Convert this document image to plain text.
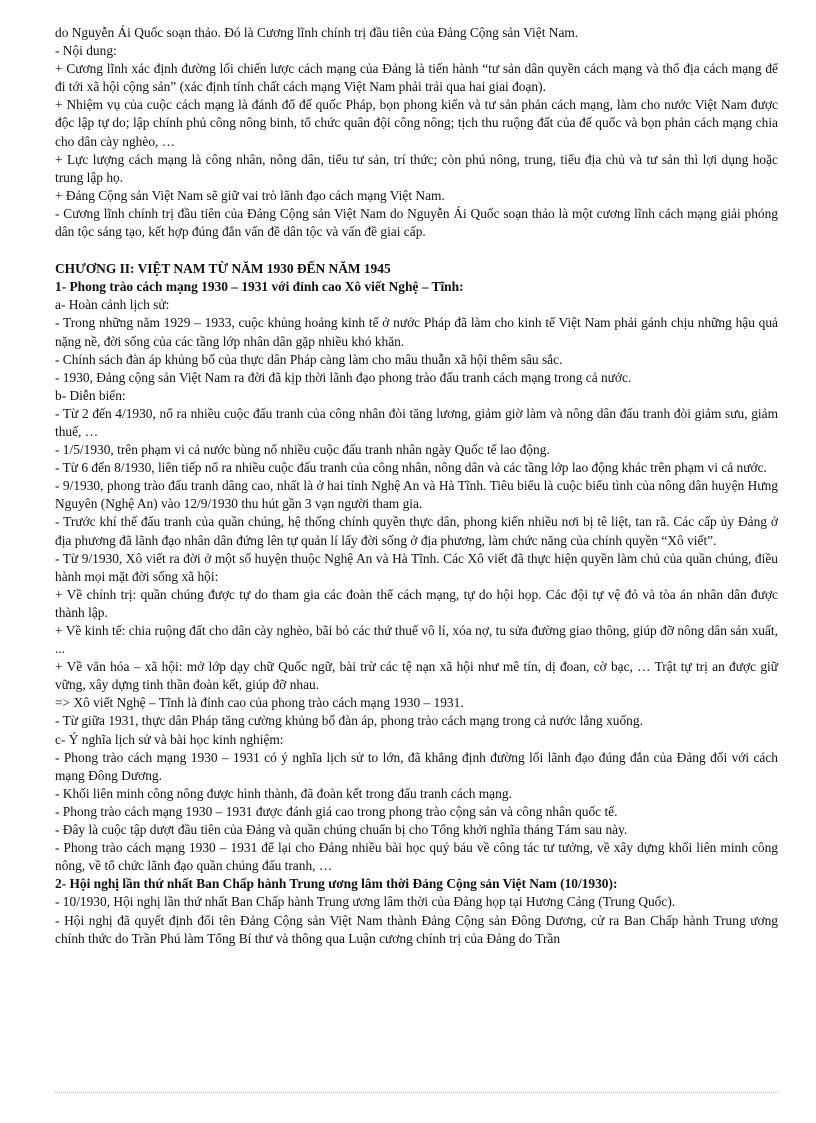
do Nguyễn Ái Quốc soạn thảo. Đó là Cương lĩnh chính trị đầu tiên của Đảng Cộng sản Việt Nam.

- Nội dung:

+ Cương lĩnh xác định đường lối chiến lược cách mạng của Đảng là tiến hành “tư sản dân quyền cách mạng và thổ địa cách mạng để đi tới xã hội cộng sản” (xác định tính chất cách mạng Việt Nam phải trải qua hai giai đoạn).

+ Nhiệm vụ của cuộc cách mạng là đánh đổ đế quốc Pháp, bọn phong kiến và tư sản phản cách mạng, làm cho nước Việt Nam được độc lập tự do; lập chính phủ công nông binh, tổ chức quân đội công nông; tịch thu ruộng đất của đế quốc và bọn phản cách mạng chia cho dân cày nghèo, …

+ Lực lượng cách mạng là công nhân, nông dân, tiểu tư sản, trí thức; còn phú nông, trung, tiểu địa chủ và tư sản thì lợi dụng hoặc trung lập họ.

+ Đảng Cộng sản Việt Nam sẽ giữ vai trò lãnh đạo cách mạng Việt Nam.

- Cương lĩnh chính trị đầu tiên của Đảng Cộng sản Việt Nam do Nguyễn Ái Quốc soạn thảo là một cương lĩnh cách mạng giải phóng dân tộc sáng tạo, kết hợp đúng đắn vấn đề dân tộc và vấn đề giai cấp.

CHƯƠNG II: VIỆT NAM TỪ NĂM 1930 ĐẾN NĂM 1945

1- Phong trào cách mạng 1930 – 1931 với đỉnh cao Xô viết Nghệ – Tĩnh:

a- Hoàn cảnh lịch sử:

- Trong những năm 1929 – 1933, cuộc khủng hoảng kinh tế ở nước Pháp đã làm cho kinh tế Việt Nam phải gánh chịu những hậu quả nặng nề, đời sống của các tầng lớp nhân dân gặp nhiều khó khăn.

- Chính sách đàn áp khủng bố của thực dân Pháp càng làm cho mâu thuẫn xã hội thêm sâu sắc.

- 1930, Đảng cộng sản Việt Nam ra đời đã kịp thời lãnh đạo phong trào đấu tranh cách mạng trong cả nước.

b- Diễn biến:

- Từ 2 đến 4/1930, nổ ra nhiều cuộc đấu tranh của công nhân đòi tăng lương, giảm giờ làm và nông dân đấu tranh đòi giảm sưu, giảm thuế, …

- 1/5/1930, trên phạm vi cả nước bùng nổ nhiều cuộc đấu tranh nhân ngày Quốc tế lao động.

- Từ 6 đến 8/1930, liên tiếp nổ ra nhiều cuộc đấu tranh của công nhân, nông dân và các tầng lớp lao động khác trên phạm vi cả nước.

- 9/1930, phong trào đấu tranh dâng cao, nhất là ở hai tỉnh Nghệ An và Hà Tĩnh. Tiêu biểu là cuộc biểu tình của nông dân huyện Hưng Nguyên (Nghệ An) vào 12/9/1930 thu hút gần 3 vạn người tham gia.

- Trước khí thế đấu tranh của quần chúng, hệ thống chính quyền thực dân, phong kiến nhiều nơi bị tê liệt, tan rã. Các cấp ủy Đảng ở địa phương đã lãnh đạo nhân dân đứng lên tự quản lí lấy đời sống ở địa phương, làm chức năng của chính quyền “Xô viết”.

- Từ 9/1930, Xô viết ra đời ở một số huyện thuộc Nghệ An và Hà Tĩnh. Các Xô viết đã thực hiện quyền làm chủ của quần chúng, điều hành mọi mặt đời sống xã hội:

+ Về chính trị: quần chúng được tự do tham gia các đoàn thể cách mạng, tự do hội họp. Các đội tự vệ đỏ và tòa án nhân dân được thành lập.

+ Về kinh tế: chia ruộng đất cho dân cày nghèo, bãi bỏ các thứ thuế vô lí, xóa nợ, tu sửa đường giao thông, giúp đỡ nông dân sản xuất, ...

+ Về văn hóa – xã hội: mở lớp dạy chữ Quốc ngữ, bài trừ các tệ nạn xã hội như mê tín, dị đoan, cờ bạc, … Trật tự trị an được giữ vững, xây dựng tinh thần đoàn kết, giúp đỡ nhau.

=> Xô viết Nghệ – Tĩnh là đỉnh cao của phong trào cách mạng 1930 – 1931.

- Từ giữa 1931, thực dân Pháp tăng cường khủng bố đàn áp, phong trào cách mạng trong cả nước lắng xuống.

c- Ý nghĩa lịch sử và bài học kinh nghiệm:

- Phong trào cách mạng 1930 – 1931 có ý nghĩa lịch sử to lớn, đã khẳng định đường lối lãnh đạo đúng đắn của Đảng đối với cách mạng Đông Dương.

- Khối liên minh công nông được hình thành, đã đoàn kết trong đấu tranh cách mạng.

- Phong trào cách mạng 1930 – 1931 được đánh giá cao trong phong trào cộng sản và công nhân quốc tế.

- Đây là cuộc tập dượt đầu tiên của Đảng và quần chúng chuẩn bị cho Tổng khởi nghĩa tháng Tám sau này.

- Phong trào cách mạng 1930 – 1931 để lại cho Đảng nhiều bài học quý báu về công tác tư tưởng, về xây dựng khối liên minh công nông, về tổ chức lãnh đạo quần chúng đấu tranh, …

2- Hội nghị lần thứ nhất Ban Chấp hành Trung ương lâm thời Đảng Cộng sản Việt Nam (10/1930):

- 10/1930, Hội nghị lần thứ nhất Ban Chấp hành Trung ương lâm thời của Đảng họp tại Hương Cảng (Trung Quốc).

- Hội nghị đã quyết định đổi tên Đảng Cộng sản Việt Nam thành Đảng Cộng sản Đông Dương, cử ra Ban Chấp hành Trung ương chính thức do Trần Phú làm Tổng Bí thư và thông qua Luận cương chính trị của Đảng do Trần
